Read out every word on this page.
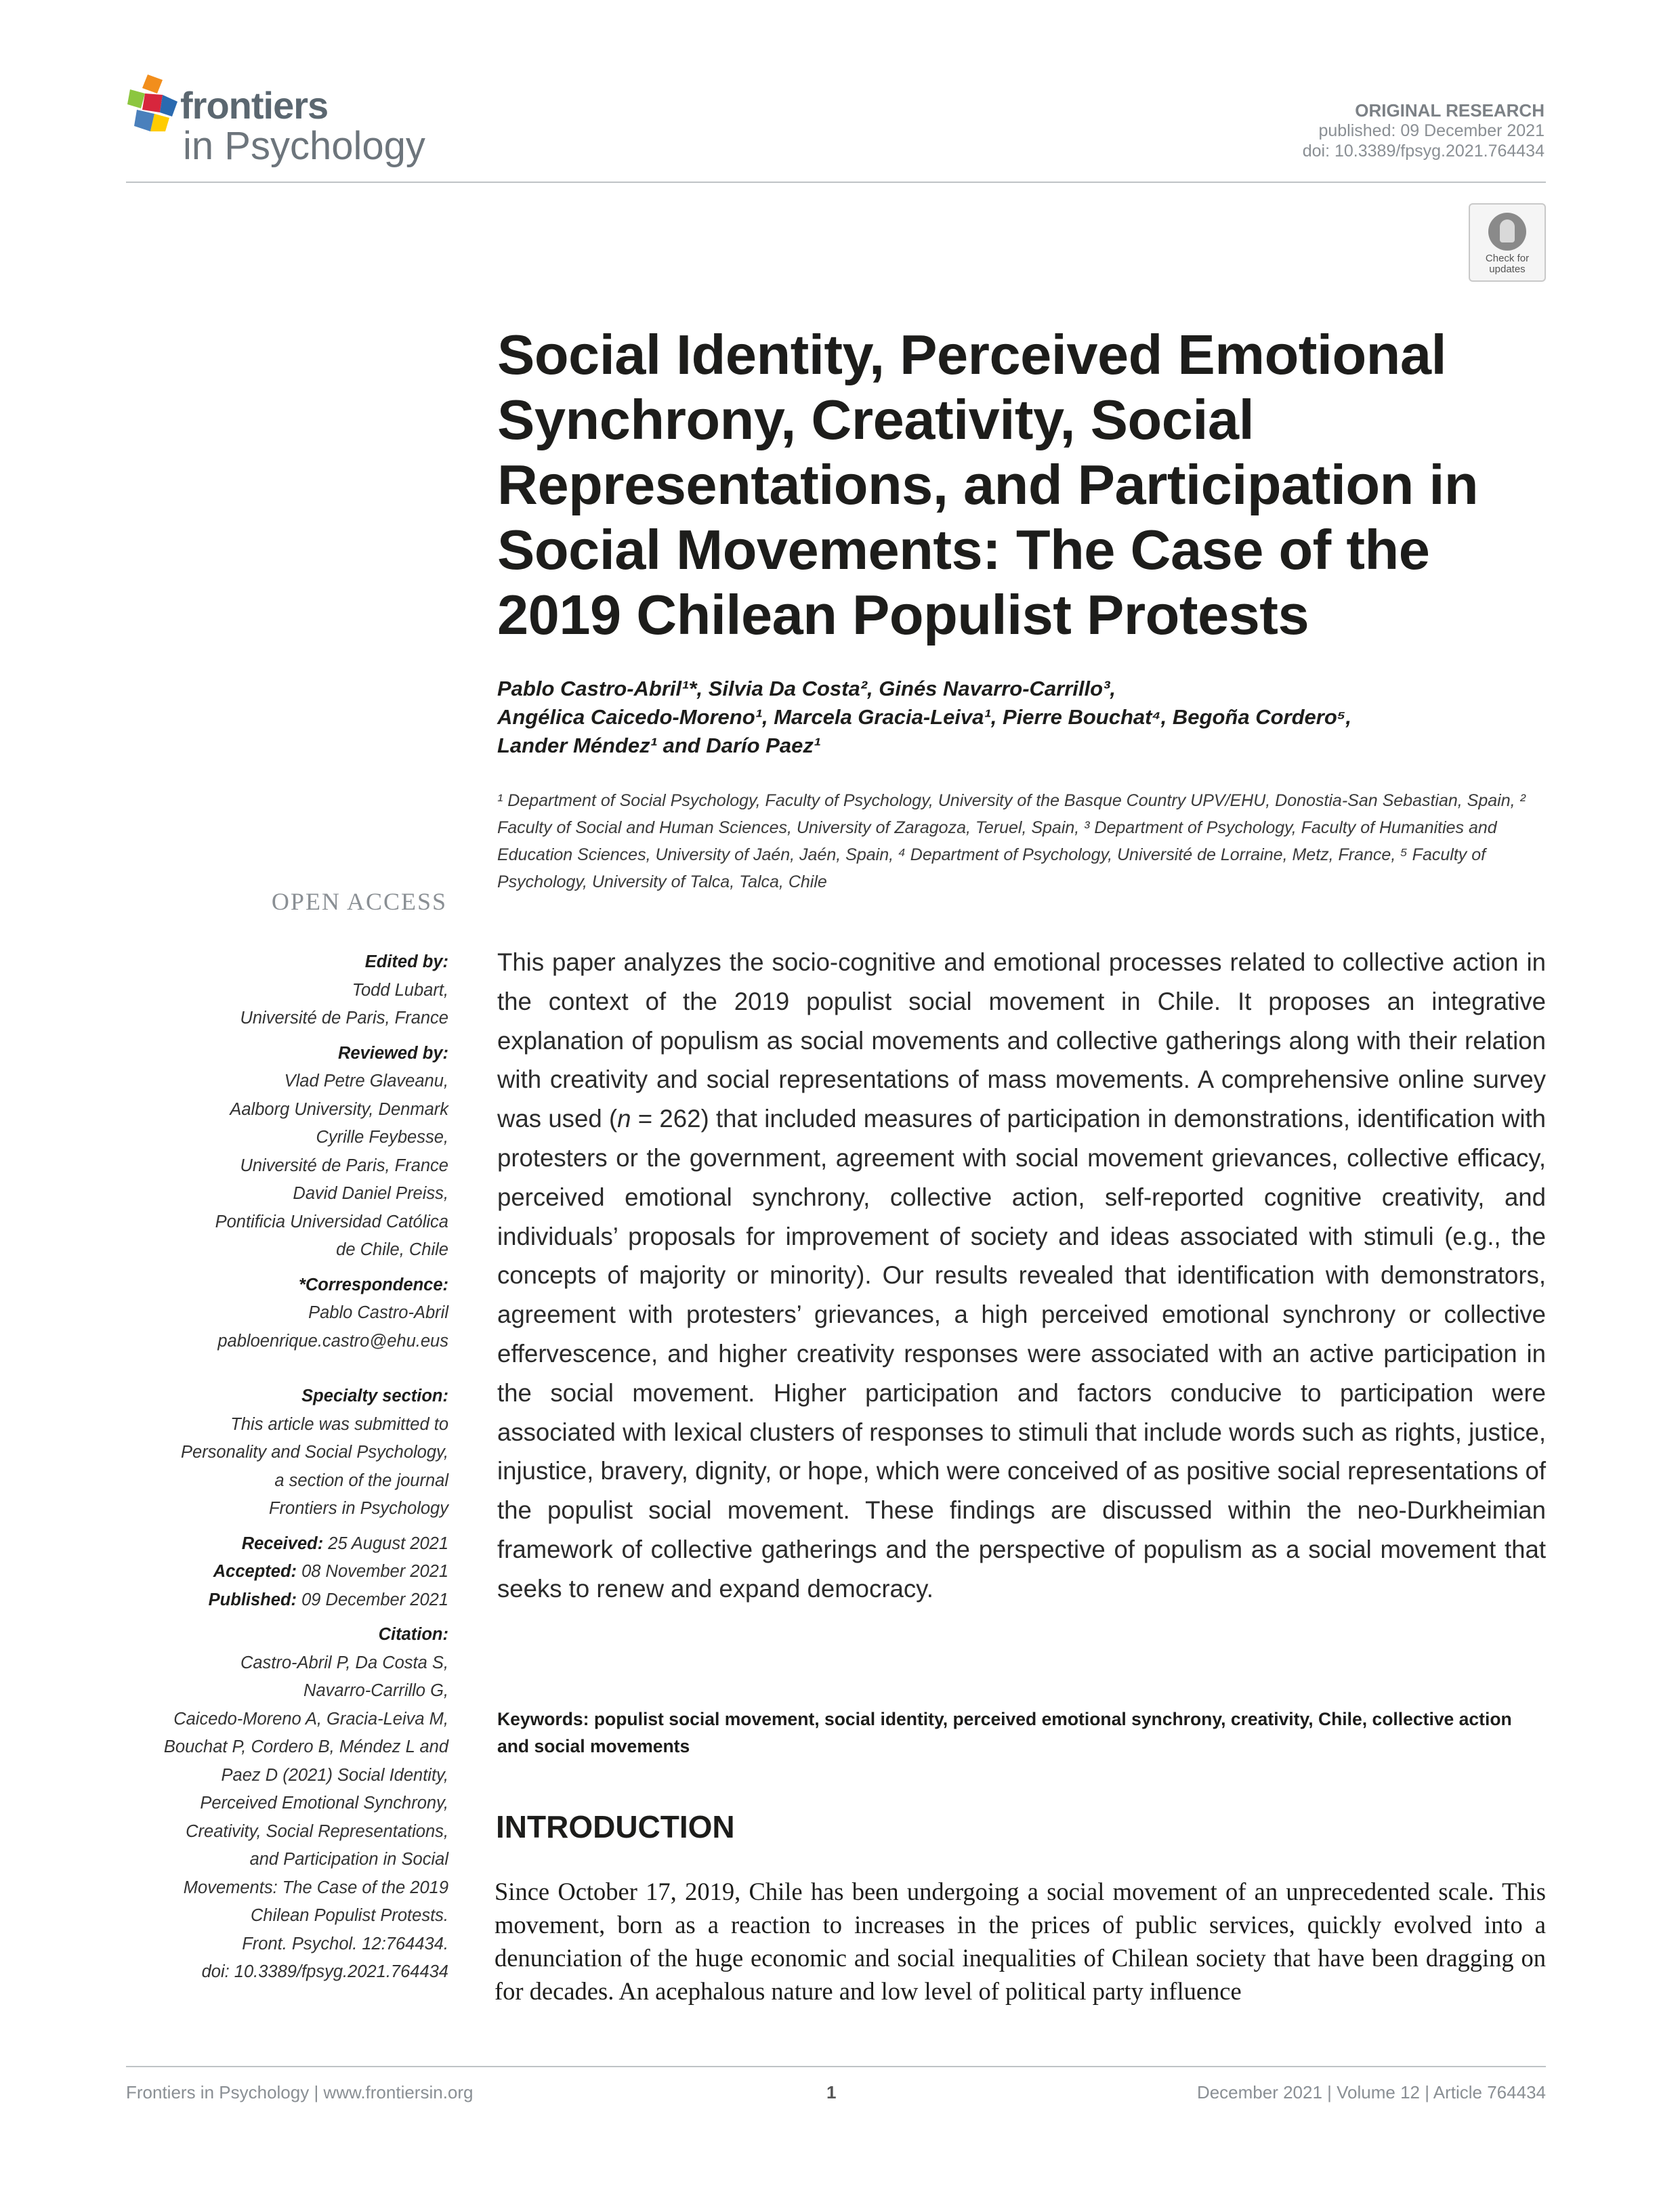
frontiers
in Psychology
ORIGINAL RESEARCH
published: 09 December 2021
doi: 10.3389/fpsyg.2021.764434
Check for updates
Social Identity, Perceived Emotional Synchrony, Creativity, Social Representations, and Participation in Social Movements: The Case of the 2019 Chilean Populist Protests
Pablo Castro-Abril¹*, Silvia Da Costa², Ginés Navarro-Carrillo³,
Angélica Caicedo-Moreno¹, Marcela Gracia-Leiva¹, Pierre Bouchat⁴, Begoña Cordero⁵,
Lander Méndez¹ and Darío Paez¹
¹ Department of Social Psychology, Faculty of Psychology, University of the Basque Country UPV/EHU, Donostia-San Sebastian, Spain, ² Faculty of Social and Human Sciences, University of Zaragoza, Teruel, Spain, ³ Department of Psychology, Faculty of Humanities and Education Sciences, University of Jaén, Jaén, Spain, ⁴ Department of Psychology, Université de Lorraine, Metz, France, ⁵ Faculty of Psychology, University of Talca, Talca, Chile
OPEN ACCESS
Edited by:
Todd Lubart,
Université de Paris, France
Reviewed by:
Vlad Petre Glaveanu,
Aalborg University, Denmark
Cyrille Feybesse,
Université de Paris, France
David Daniel Preiss,
Pontificia Universidad Católica
de Chile, Chile
*Correspondence:
Pablo Castro-Abril
pabloenrique.castro@ehu.eus
Specialty section:
This article was submitted to
Personality and Social Psychology,
a section of the journal
Frontiers in Psychology
Received: 25 August 2021
Accepted: 08 November 2021
Published: 09 December 2021
Citation:
Castro-Abril P, Da Costa S,
Navarro-Carrillo G,
Caicedo-Moreno A, Gracia-Leiva M,
Bouchat P, Cordero B, Méndez L and
Paez D (2021) Social Identity,
Perceived Emotional Synchrony,
Creativity, Social Representations,
and Participation in Social
Movements: The Case of the 2019
Chilean Populist Protests.
Front. Psychol. 12:764434.
doi: 10.3389/fpsyg.2021.764434
This paper analyzes the socio-cognitive and emotional processes related to collective action in the context of the 2019 populist social movement in Chile. It proposes an integrative explanation of populism as social movements and collective gatherings along with their relation with creativity and social representations of mass movements. A comprehensive online survey was used (n = 262) that included measures of participation in demonstrations, identification with protesters or the government, agreement with social movement grievances, collective efficacy, perceived emotional synchrony, collective action, self-reported cognitive creativity, and individuals’ proposals for improvement of society and ideas associated with stimuli (e.g., the concepts of majority or minority). Our results revealed that identification with demonstrators, agreement with protesters’ grievances, a high perceived emotional synchrony or collective effervescence, and higher creativity responses were associated with an active participation in the social movement. Higher participation and factors conducive to participation were associated with lexical clusters of responses to stimuli that include words such as rights, justice, injustice, bravery, dignity, or hope, which were conceived of as positive social representations of the populist social movement. These findings are discussed within the neo-Durkheimian framework of collective gatherings and the perspective of populism as a social movement that seeks to renew and expand democracy.
Keywords: populist social movement, social identity, perceived emotional synchrony, creativity, Chile, collective action and social movements
INTRODUCTION
Since October 17, 2019, Chile has been undergoing a social movement of an unprecedented scale. This movement, born as a reaction to increases in the prices of public services, quickly evolved into a denunciation of the huge economic and social inequalities of Chilean society that have been dragging on for decades. An acephalous nature and low level of political party influence
Frontiers in Psychology | www.frontiersin.org	1	December 2021 | Volume 12 | Article 764434
